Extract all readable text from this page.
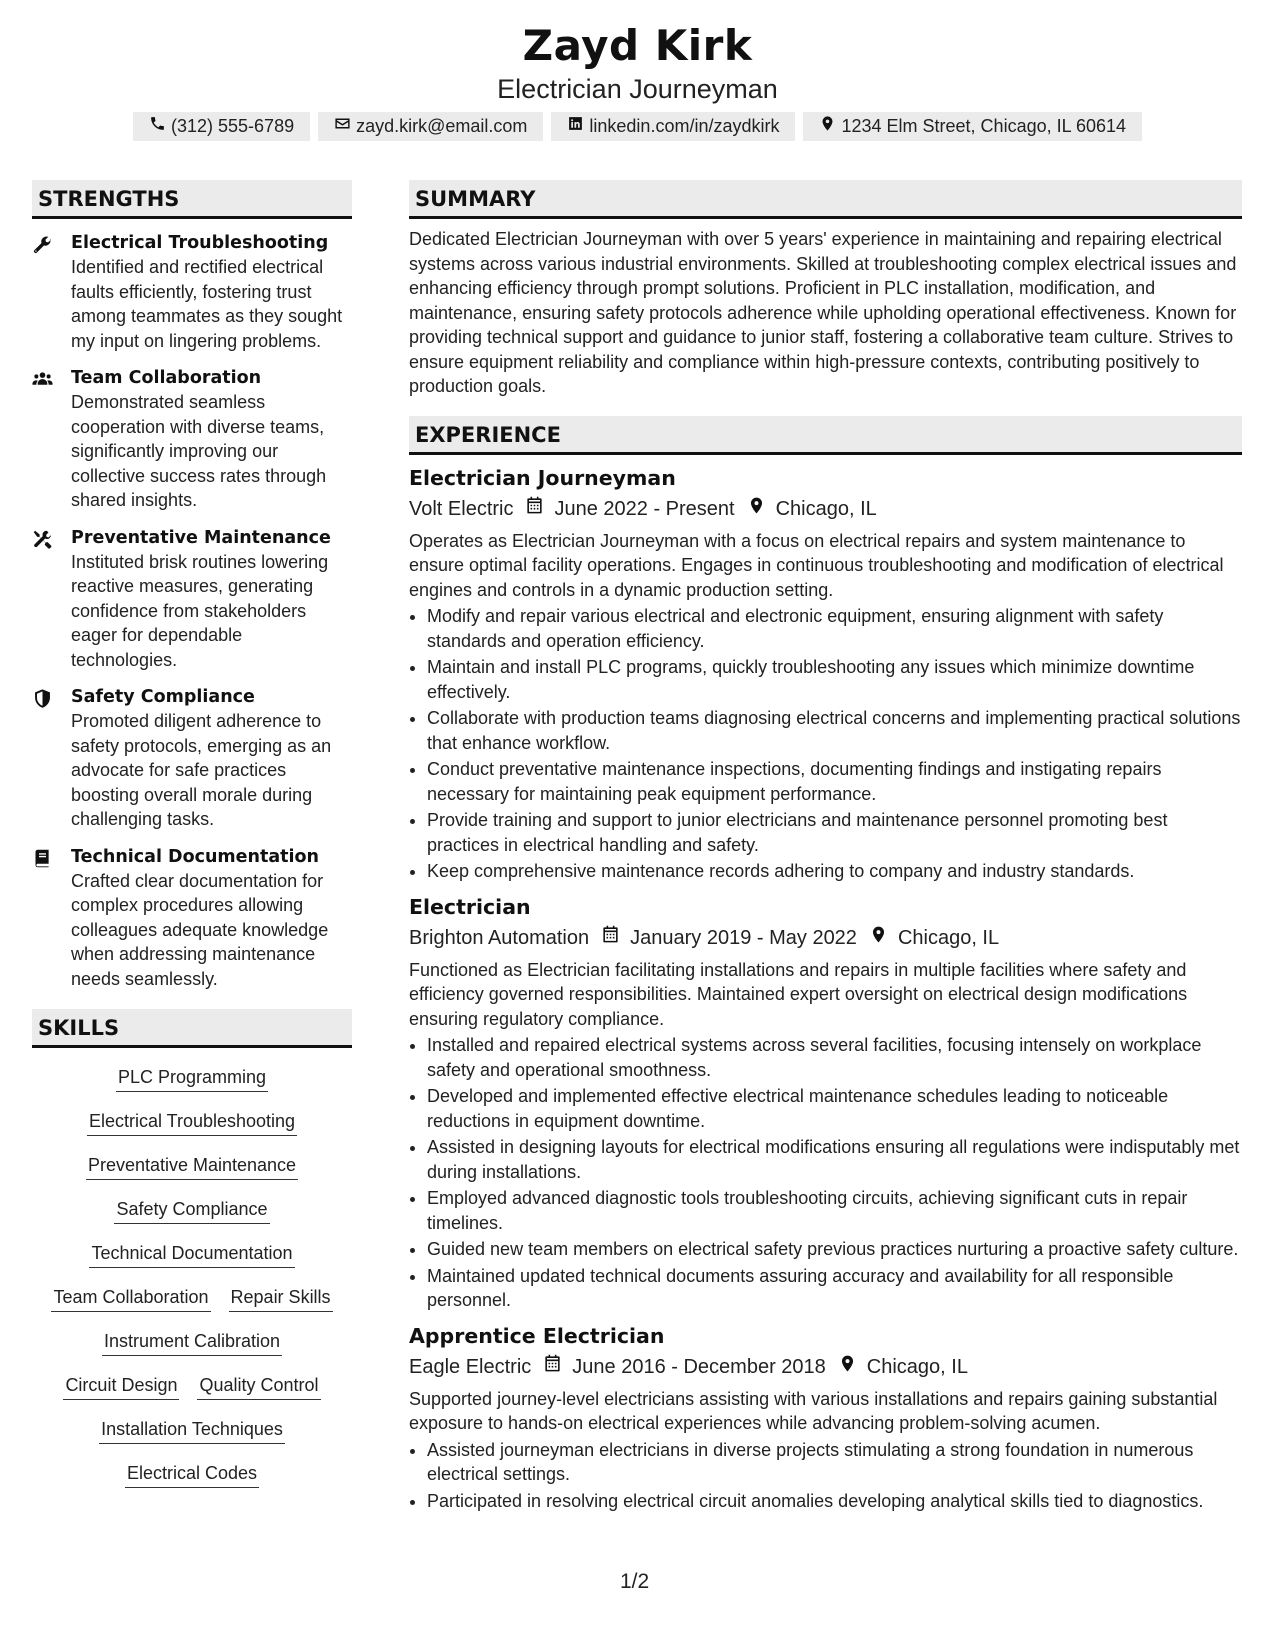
Zayd Kirk
Electrician Journeyman
(312) 555-6789	zayd.kirk@email.com	linkedin.com/in/zaydkirk	1234 Elm Street, Chicago, IL 60614
STRENGTHS
Electrical Troubleshooting
Identified and rectified electrical faults efficiently, fostering trust among teammates as they sought my input on lingering problems.
Team Collaboration
Demonstrated seamless cooperation with diverse teams, significantly improving our collective success rates through shared insights.
Preventative Maintenance
Instituted brisk routines lowering reactive measures, generating confidence from stakeholders eager for dependable technologies.
Safety Compliance
Promoted diligent adherence to safety protocols, emerging as an advocate for safe practices boosting overall morale during challenging tasks.
Technical Documentation
Crafted clear documentation for complex procedures allowing colleagues adequate knowledge when addressing maintenance needs seamlessly.
SKILLS
PLC Programming
Electrical Troubleshooting
Preventative Maintenance
Safety Compliance
Technical Documentation
Team Collaboration Repair Skills
Instrument Calibration
Circuit Design Quality Control
Installation Techniques
Electrical Codes
SUMMARY
Dedicated Electrician Journeyman with over 5 years' experience in maintaining and repairing electrical systems across various industrial environments. Skilled at troubleshooting complex electrical issues and enhancing efficiency through prompt solutions. Proficient in PLC installation, modification, and maintenance, ensuring safety protocols adherence while upholding operational effectiveness. Known for providing technical support and guidance to junior staff, fostering a collaborative team culture. Strives to ensure equipment reliability and compliance within high-pressure contexts, contributing positively to production goals.
EXPERIENCE
Electrician Journeyman
Volt Electric June 2022 - Present Chicago, IL
Operates as Electrician Journeyman with a focus on electrical repairs and system maintenance to ensure optimal facility operations. Engages in continuous troubleshooting and modification of electrical engines and controls in a dynamic production setting.
• Modify and repair various electrical and electronic equipment, ensuring alignment with safety standards and operation efficiency.
• Maintain and install PLC programs, quickly troubleshooting any issues which minimize downtime effectively.
• Collaborate with production teams diagnosing electrical concerns and implementing practical solutions that enhance workflow.
• Conduct preventative maintenance inspections, documenting findings and instigating repairs necessary for maintaining peak equipment performance.
• Provide training and support to junior electricians and maintenance personnel promoting best practices in electrical handling and safety.
• Keep comprehensive maintenance records adhering to company and industry standards.
Electrician
Brighton Automation January 2019 - May 2022 Chicago, IL
Functioned as Electrician facilitating installations and repairs in multiple facilities where safety and efficiency governed responsibilities. Maintained expert oversight on electrical design modifications ensuring regulatory compliance.
• Installed and repaired electrical systems across several facilities, focusing intensely on workplace safety and operational smoothness.
• Developed and implemented effective electrical maintenance schedules leading to noticeable reductions in equipment downtime.
• Assisted in designing layouts for electrical modifications ensuring all regulations were indisputably met during installations.
• Employed advanced diagnostic tools troubleshooting circuits, achieving significant cuts in repair timelines.
• Guided new team members on electrical safety previous practices nurturing a proactive safety culture.
• Maintained updated technical documents assuring accuracy and availability for all responsible personnel.
Apprentice Electrician
Eagle Electric June 2016 - December 2018 Chicago, IL
Supported journey-level electricians assisting with various installations and repairs gaining substantial exposure to hands-on electrical experiences while advancing problem-solving acumen.
• Assisted journeyman electricians in diverse projects stimulating a strong foundation in numerous electrical settings.
• Participated in resolving electrical circuit anomalies developing analytical skills tied to diagnostics.
1/2
